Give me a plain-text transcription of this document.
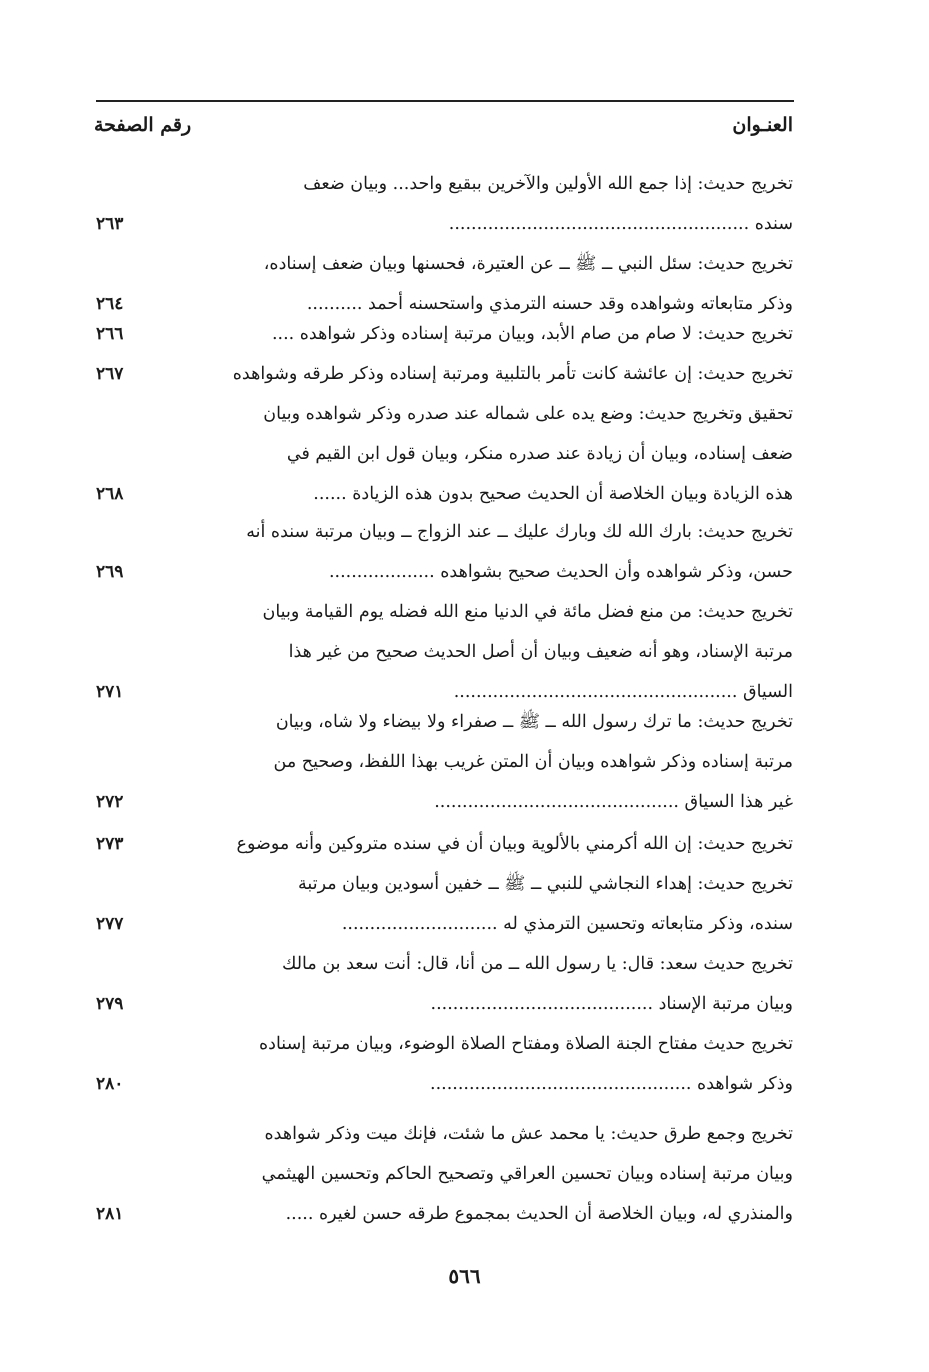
العنـوان
رقم الصفحة
تخريج حديث: إذا جمع الله الأولين والآخرين ببقيع واحد... وبيان ضعف
سنده ......................................................
٢٦٣
تخريج حديث: سئل النبي ــ ﷺ ــ عن العتيرة، فحسنها وبيان ضعف إسناده،
وذكر متابعاته وشواهده وقد حسنه الترمذي واستحسنه أحمد ..........
٢٦٤
تخريج حديث: لا صام من صام الأبد، وبيان مرتبة إسناده وذكر شواهده ....
٢٦٦
تخريج حديث: إن عائشة كانت تأمر بالتلبية ومرتبة إسناده وذكر طرقه وشواهده
٢٦٧
تحقيق وتخريج حديث: وضع يده على شماله عند صدره وذكر شواهده وبيان
ضعف إسناده، وبيان أن زيادة عند صدره منكر، وبيان قول ابن القيم في
هذه الزيادة وبيان الخلاصة أن الحديث صحيح بدون هذه الزيادة ......
٢٦٨
تخريج حديث: بارك الله لك وبارك عليك ــ عند الزواج ــ وبيان مرتبة سنده أنه
حسن، وذكر شواهده وأن الحديث صحيح بشواهده ...................
٢٦٩
تخريج حديث: من منع فضل مائة في الدنيا منع الله فضله يوم القيامة وبيان
مرتبة الإسناد، وهو أنه ضعيف وبيان أن أصل الحديث صحيح من غير هذا
السياق ...................................................
٢٧١
تخريج حديث: ما ترك رسول الله ــ ﷺ ــ صفراء ولا بيضاء ولا شاه، وبيان
مرتبة إسناده وذكر شواهده وبيان أن المتن غريب بهذا اللفظ، وصحيح من
غير هذا السياق ............................................
٢٧٢
تخريج حديث: إن الله أكرمني بالألوية وبيان أن في سنده متروكين وأنه موضوع
٢٧٣
تخريج حديث: إهداء النجاشي للنبي ــ ﷺ ــ خفين أسودين وبيان مرتبة
سنده، وذكر متابعاته وتحسين الترمذي له ............................
٢٧٧
تخريج حديث سعد: قال: يا رسول الله ــ من أنا، قال: أنت سعد بن مالك
وبيان مرتبة الإسناد ........................................
٢٧٩
تخريج حديث مفتاح الجنة الصلاة ومفتاح الصلاة الوضوء، وبيان مرتبة إسناده
وذكر شواهده ...............................................
٢٨٠
تخريج وجمع طرق حديث: يا محمد عش ما شئت، فإنك ميت وذكر شواهده
وبيان مرتبة إسناده وبيان تحسين العراقي وتصحيح الحاكم وتحسين الهيثمي
والمنذري له، وبيان الخلاصة أن الحديث بمجموع طرقه حسن لغيره .....
٢٨١
٥٦٦
